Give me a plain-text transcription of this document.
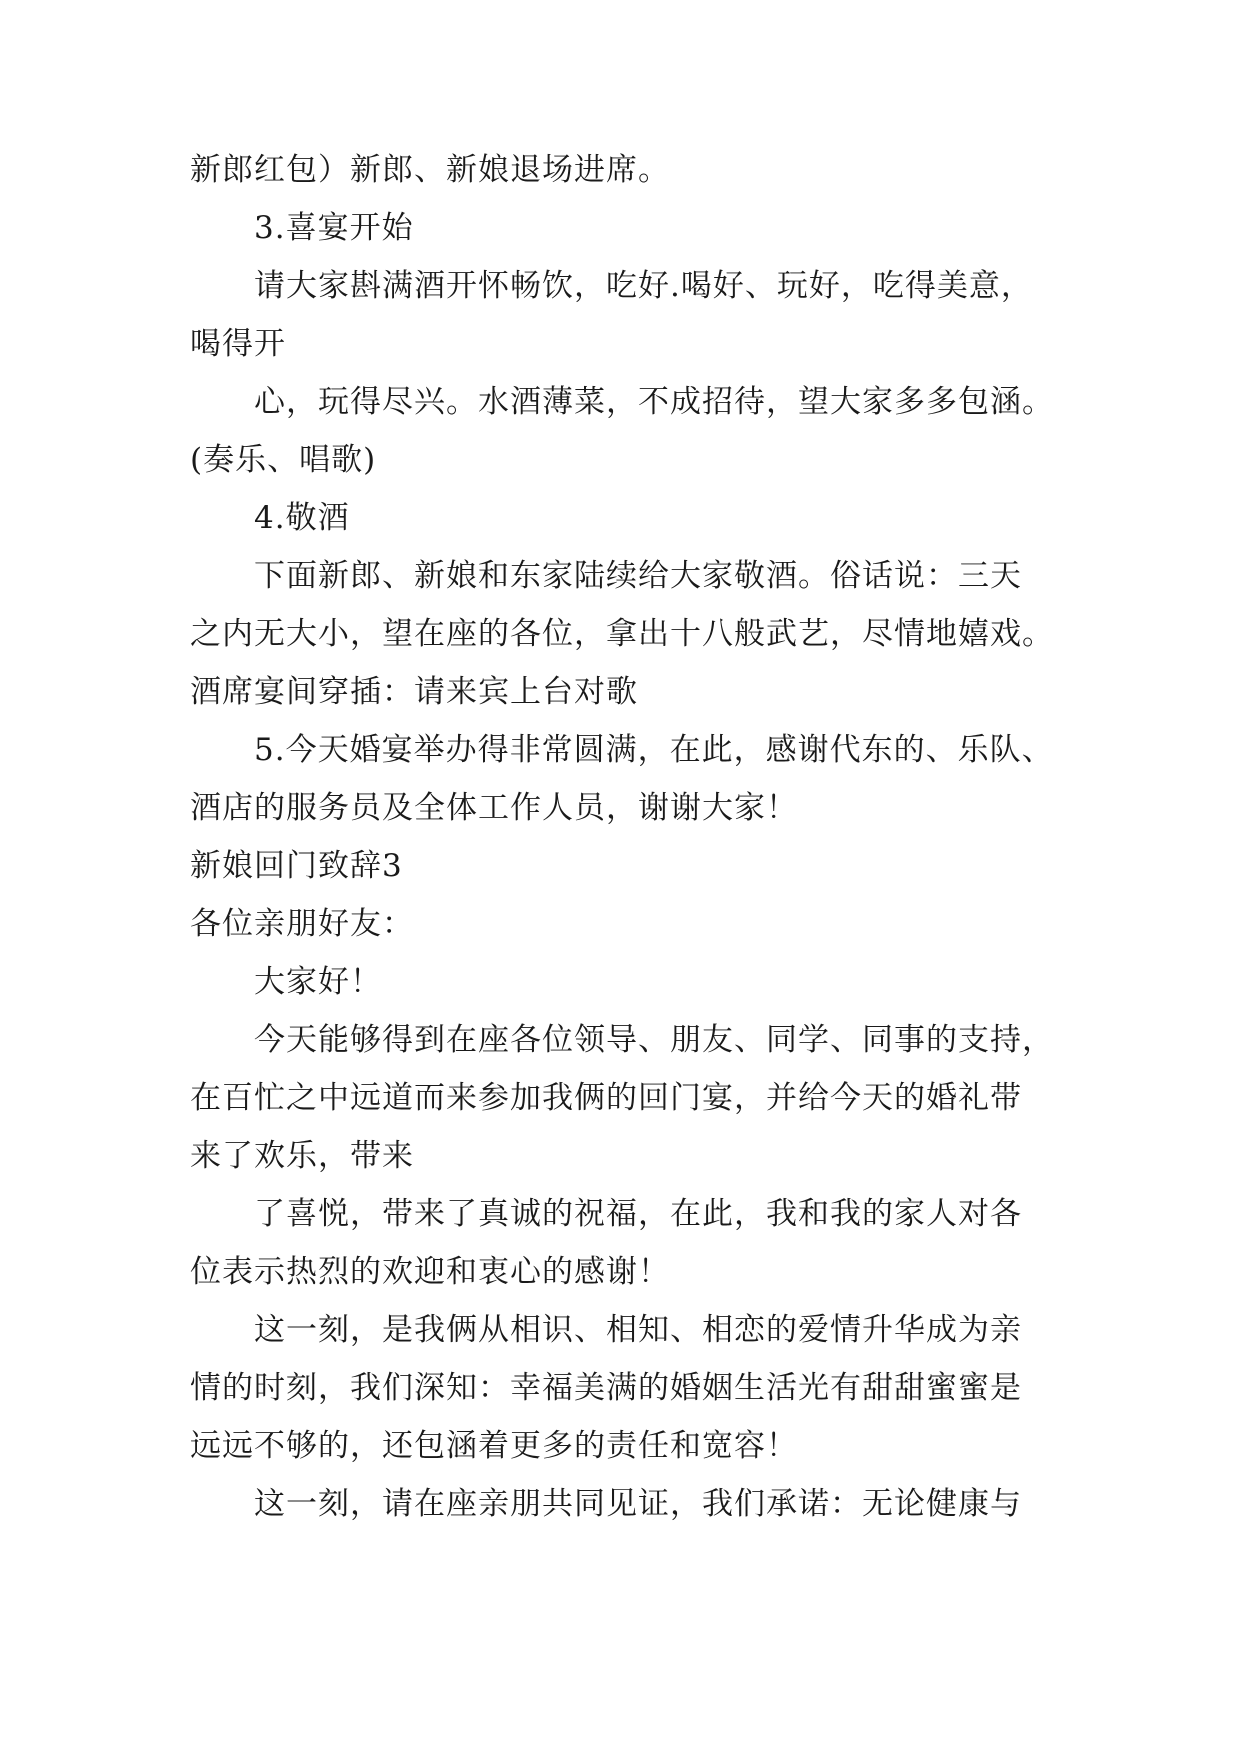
新郎红包）新郎、新娘退场进席。
3.喜宴开始
请大家斟满酒开怀畅饮，吃好.喝好、玩好，吃得美意，
喝得开
心，玩得尽兴。水酒薄菜，不成招待，望大家多多包涵。
(奏乐、唱歌)
4.敬酒
下面新郎、新娘和东家陆续给大家敬酒。俗话说：三天
之内无大小，望在座的各位，拿出十八般武艺，尽情地嬉戏。
酒席宴间穿插：请来宾上台对歌
5.今天婚宴举办得非常圆满，在此，感谢代东的、乐队、
酒店的服务员及全体工作人员，谢谢大家！
新娘回门致辞3
各位亲朋好友：
大家好！
今天能够得到在座各位领导、朋友、同学、同事的支持，
在百忙之中远道而来参加我俩的回门宴，并给今天的婚礼带
来了欢乐，带来
了喜悦，带来了真诚的祝福，在此，我和我的家人对各
位表示热烈的欢迎和衷心的感谢！
这一刻，是我俩从相识、相知、相恋的爱情升华成为亲
情的时刻，我们深知：幸福美满的婚姻生活光有甜甜蜜蜜是
远远不够的，还包涵着更多的责任和宽容！
这一刻，请在座亲朋共同见证，我们承诺：无论健康与
